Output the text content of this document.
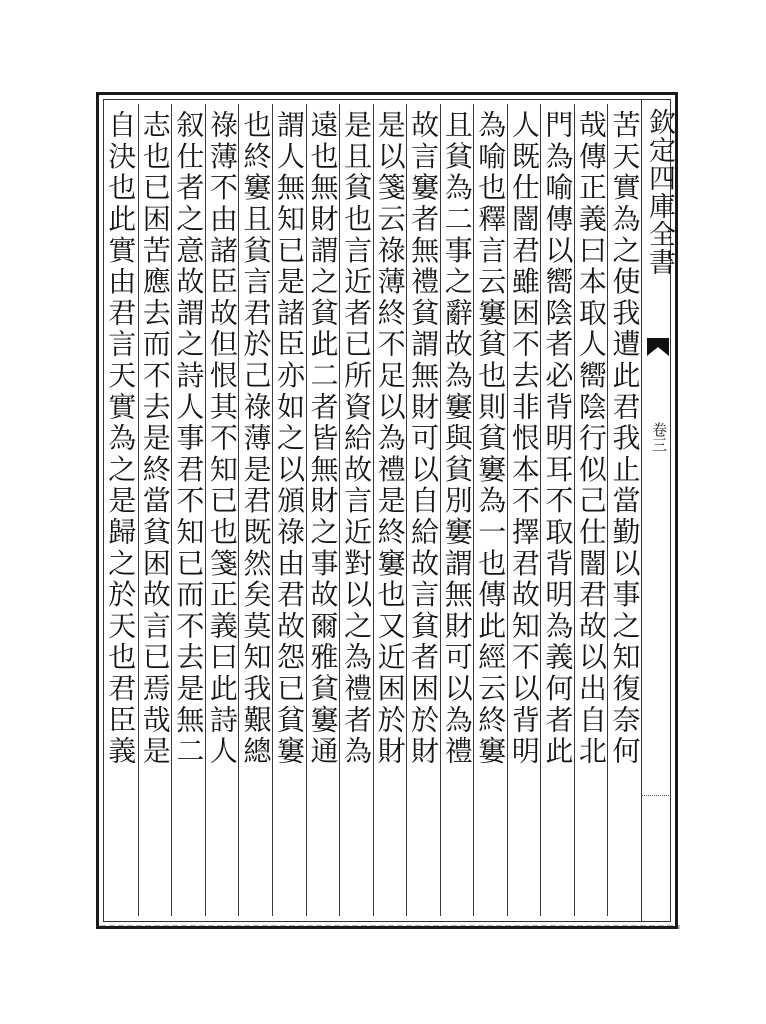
欽定四庫全書
卷三
苦天實為之使我遭此君我止當勤以事之知復奈何
哉傳正義曰本取人嚮陰行似己仕闇君故以出自北
門為喻傳以嚮陰者必背明耳不取背明為義何者此
人既仕闇君雖困不去非恨本不擇君故知不以背明
為喻也釋言云窶貧也則貧窶為一也傳此經云終窶
且貧為二事之辭故為窶與貧別窶謂無財可以為禮
故言窶者無禮貧謂無財可以自給故言貧者困於財
是以箋云祿薄終不足以為禮是終窶也又近困於財
是且貧也言近者已所資給故言近對以之為禮者為
遠也無財謂之貧此二者皆無財之事故爾雅貧窶通
謂人無知已是諸臣亦如之以頒祿由君故怨已貧窶
也終窶且貧言君於己祿薄是君既然矣莫知我艱總
祿薄不由諸臣故但恨其不知已也箋正義曰此詩人
叙仕者之意故謂之詩人事君不知已而不去是無二
志也已困苦應去而不去是終當貧困故言已焉哉是
自決也此實由君言天實為之是歸之於天也君臣義
